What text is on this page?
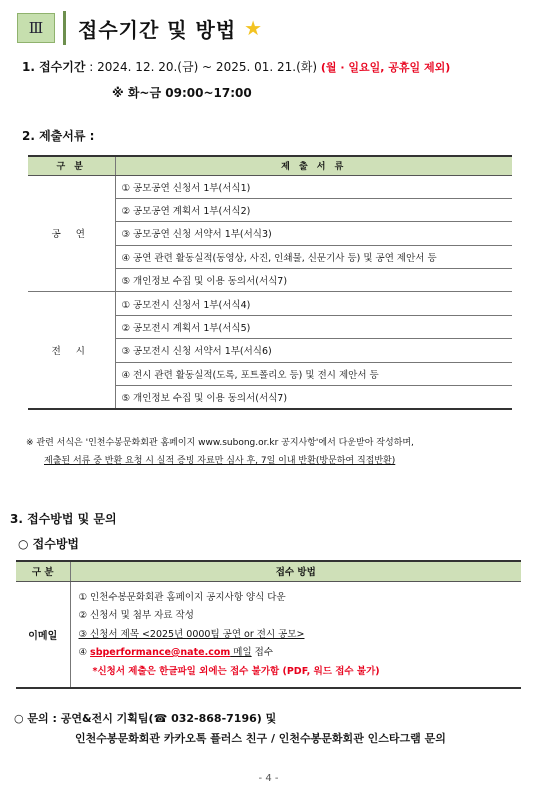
Ⅲ 접수기간 및 방법 ★
1. 접수기간 : 2024. 12. 20.(금) ~ 2025. 01. 21.(화) (월 · 일요일, 공휴일 제외)
※ 화~금 09:00~17:00
2. 제출서류 :
구 분	제 출 서 류
공 연	① 공모공연 신청서 1부(서식1)
	② 공모공연 계획서 1부(서식2)
	③ 공모공연 신청 서약서 1부(서식3)
	④ 공연 관련 활동실적(동영상, 사진, 인쇄물, 신문기사 등) 및 공연 제안서 등
	⑤ 개인정보 수집 및 이용 동의서(서식7)
전 시	① 공모전시 신청서 1부(서식4)
	② 공모전시 계획서 1부(서식5)
	③ 공모전시 신청 서약서 1부(서식6)
	④ 전시 관련 활동실적(도록, 포트폴리오 등) 및 전시 제안서 등
	⑤ 개인정보 수집 및 이용 동의서(서식7)
※ 관련 서식은 '인천수봉문화회관 홈페이지 www.subong.or.kr 공지사항'에서 다운받아 작성하며,
제출된 서류 중 반환 요청 시 실적 증빙 자료만 심사 후, 7일 이내 반환(방문하여 직접반환)
3. 접수방법 및 문의
○ 접수방법
구 분	접수 방법
이메일	① 인천수봉문화회관 홈페이지 공지사항 양식 다운
② 신청서 및 첨부 자료 작성
③ 신청서 제목 <2025년 0000팀 공연 or 전시 공모>
④ sbperformance@nate.com 메일 접수
*신청서 제출은 한글파일 외에는 접수 불가함 (PDF, 워드 접수 불가)
○ 문의 : 공연&전시 기획팀(☎ 032-868-7196) 및
인천수봉문화회관 카카오톡 플러스 친구 / 인천수봉문화회관 인스타그램 문의
- 4 -
